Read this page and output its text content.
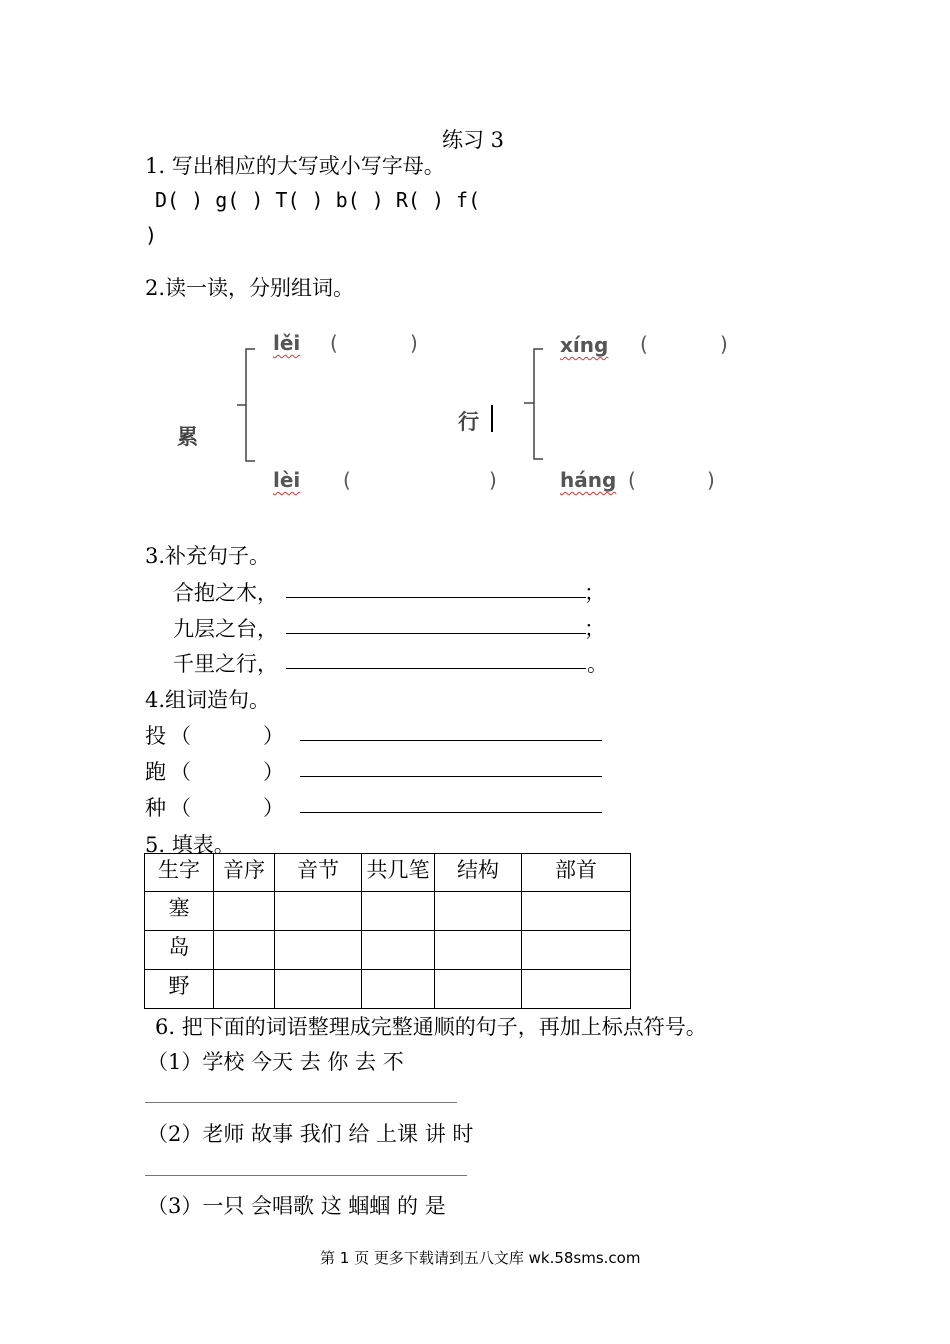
练习 3
1. 写出相应的大写或小写字母。
D( ) g( ) T( ) b( ) R( ) f(
)
2.读一读，分别组词。
累
行
lěi (	)
lèi (	)
xíng (	)
háng (	)
3.补充句子。
合抱之木，	；
九层之台，	；
千里之行，	。
4.组词造句。
投 （	）
跑 （	）
种 （	）
5. 填表。
生字	音序	音节	共几笔	结构	部首
塞					
岛					
野					
6. 把下面的词语整理成完整通顺的句子，再加上标点符号。
（1）学校 今天 去 你 去 不
（2）老师 故事 我们 给 上课 讲 时
（3）一只 会唱歌 这 蝈蝈 的 是
第 1 页 更多下载请到五八文库 wk.58sms.com
